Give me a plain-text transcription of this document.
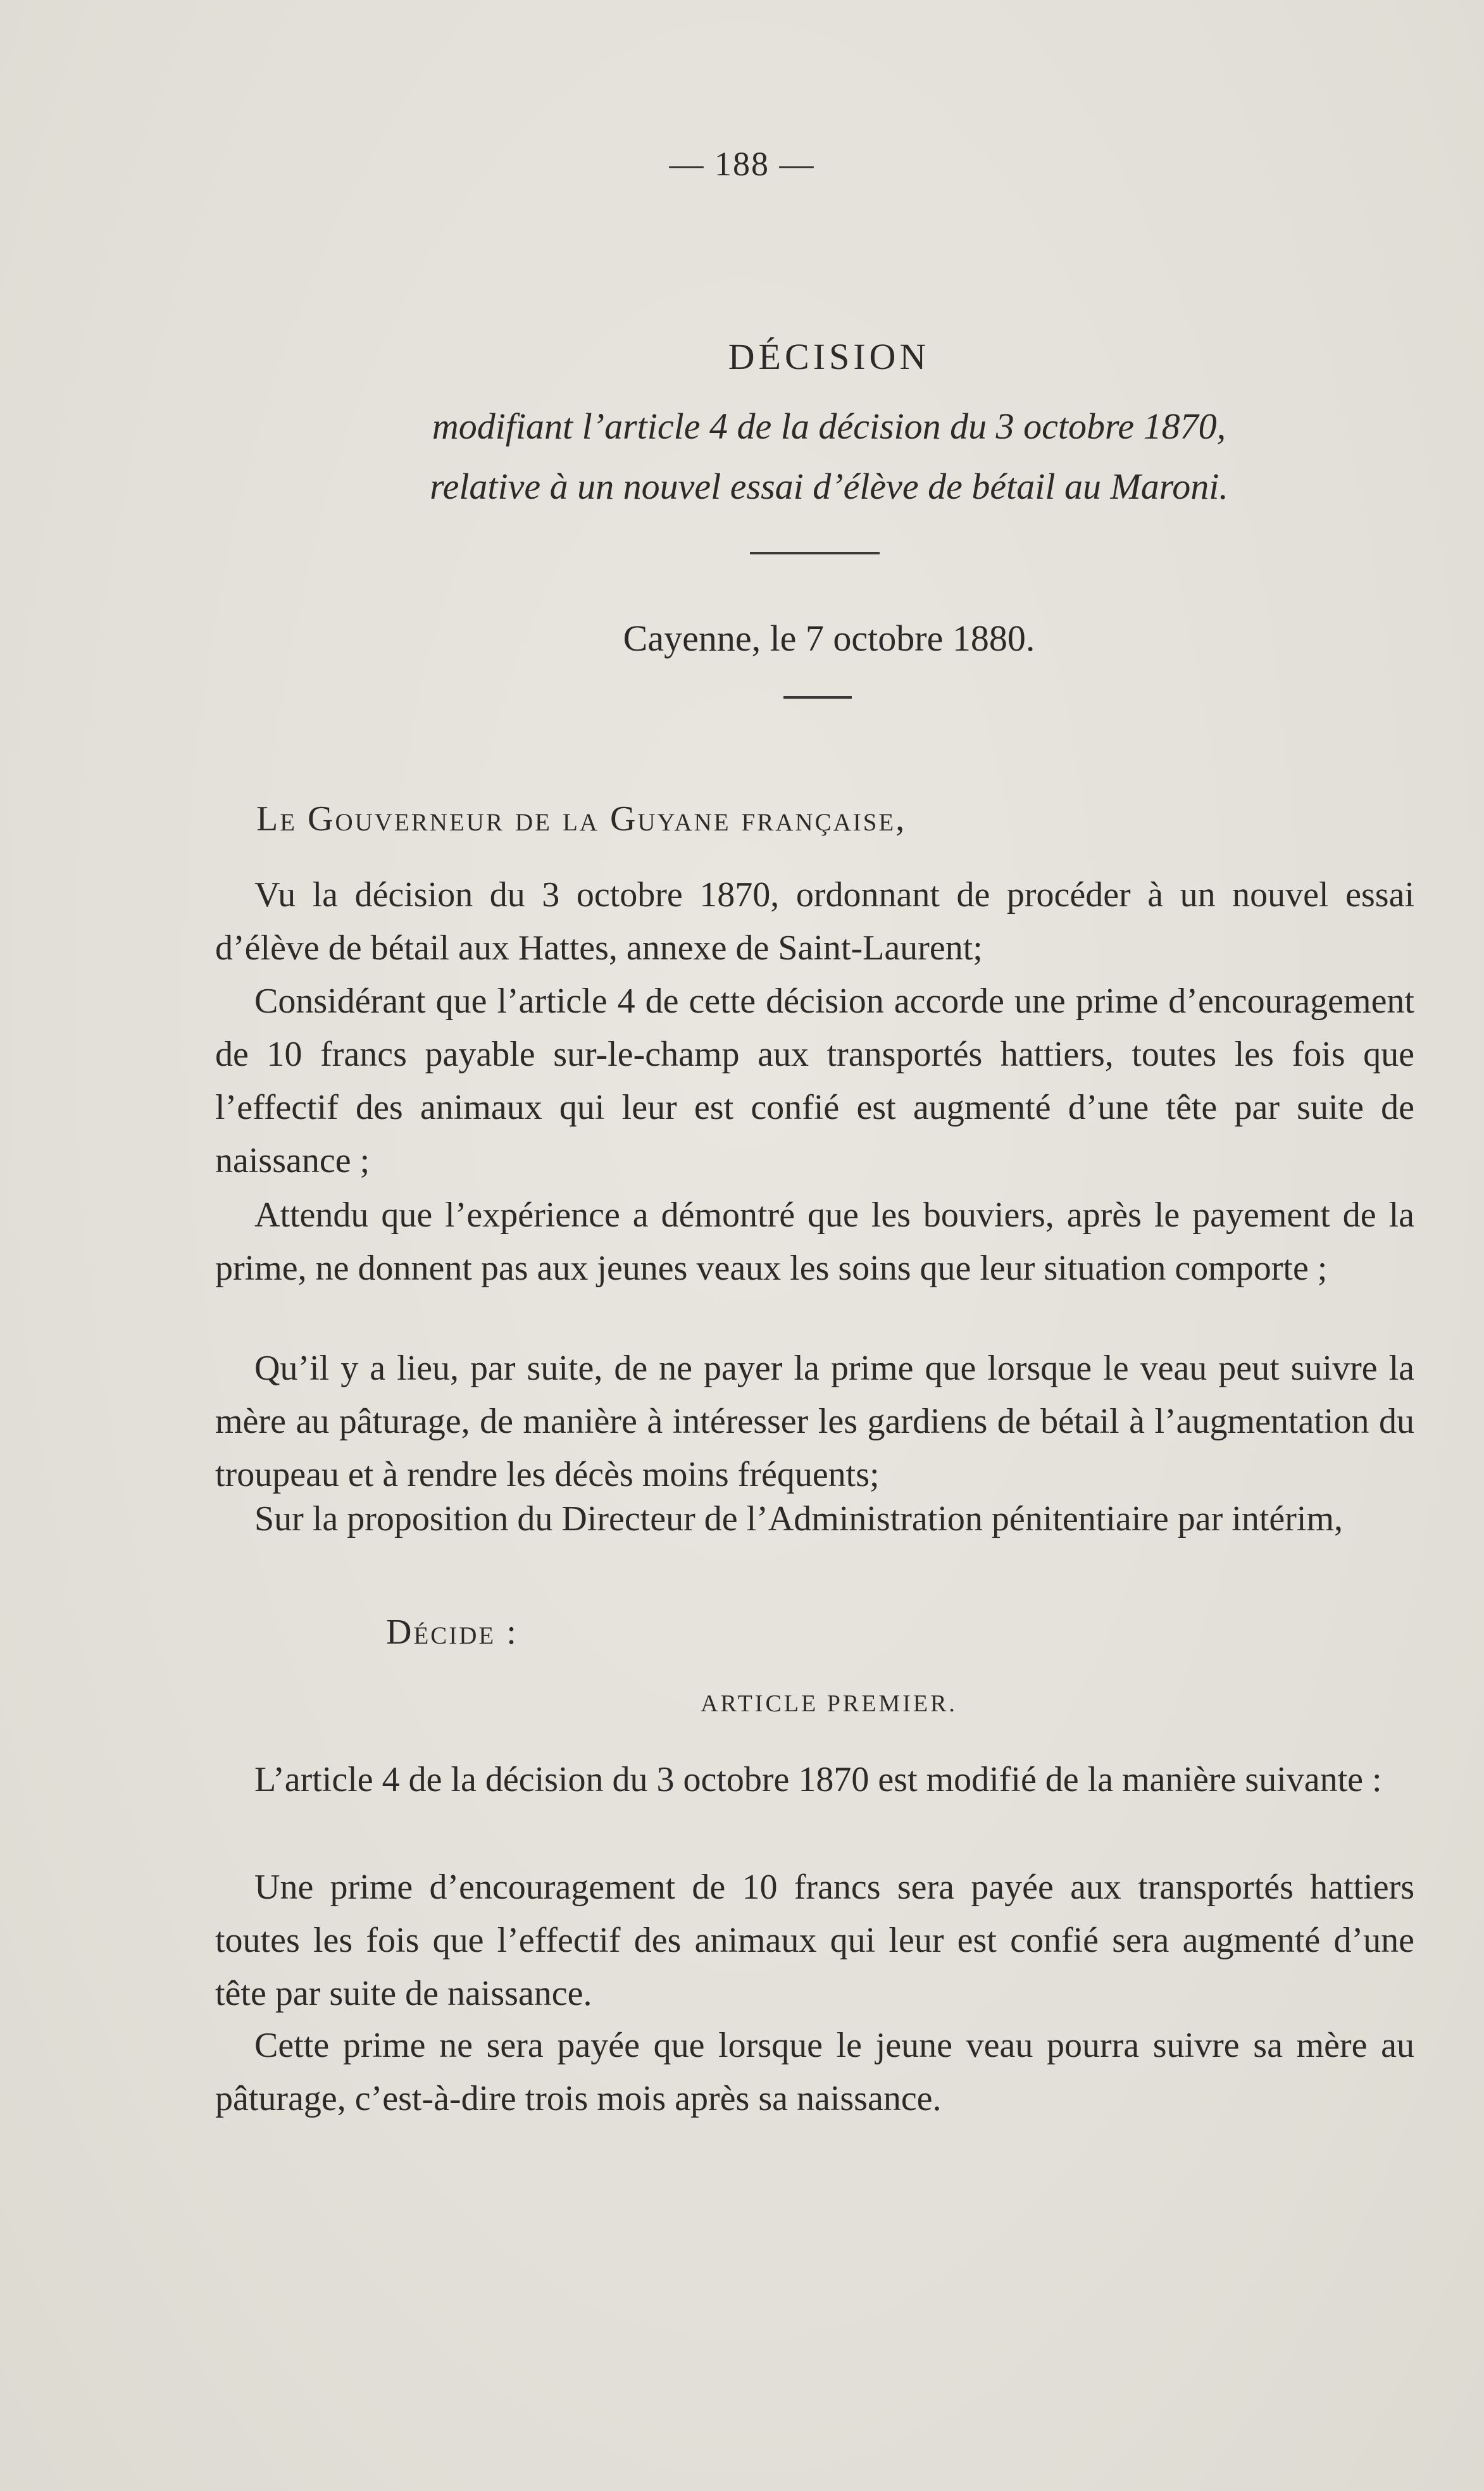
— 188 —
DÉCISION
modifiant l’article 4 de la décision du 3 octobre 1870,
relative à un nouvel essai d’élève de bétail au Maroni.
Cayenne, le 7 octobre 1880.
Le Gouverneur de la Guyane française,
Vu la décision du 3 octobre 1870, ordonnant de procéder à un nouvel essai d’élève de bétail aux Hattes, annexe de Saint-Laurent;
Considérant que l’article 4 de cette décision accorde une prime d’encouragement de 10 francs payable sur-le-champ aux transportés hattiers, toutes les fois que l’effectif des animaux qui leur est confié est augmenté d’une tête par suite de naissance ;
Attendu que l’expérience a démontré que les bouviers, après le payement de la prime, ne donnent pas aux jeunes veaux les soins que leur situation comporte ;
Qu’il y a lieu, par suite, de ne payer la prime que lorsque le veau peut suivre la mère au pâturage, de manière à intéresser les gardiens de bétail à l’augmentation du troupeau et à rendre les décès moins fréquents;
Sur la proposition du Directeur de l’Administration pénitentiaire par intérim,
Décide :
ARTICLE PREMIER.
L’article 4 de la décision du 3 octobre 1870 est modifié de la manière suivante :
Une prime d’encouragement de 10 francs sera payée aux transportés hattiers toutes les fois que l’effectif des animaux qui leur est confié sera augmenté d’une tête par suite de naissance.
Cette prime ne sera payée que lorsque le jeune veau pourra suivre sa mère au pâturage, c’est-à-dire trois mois après sa naissance.
